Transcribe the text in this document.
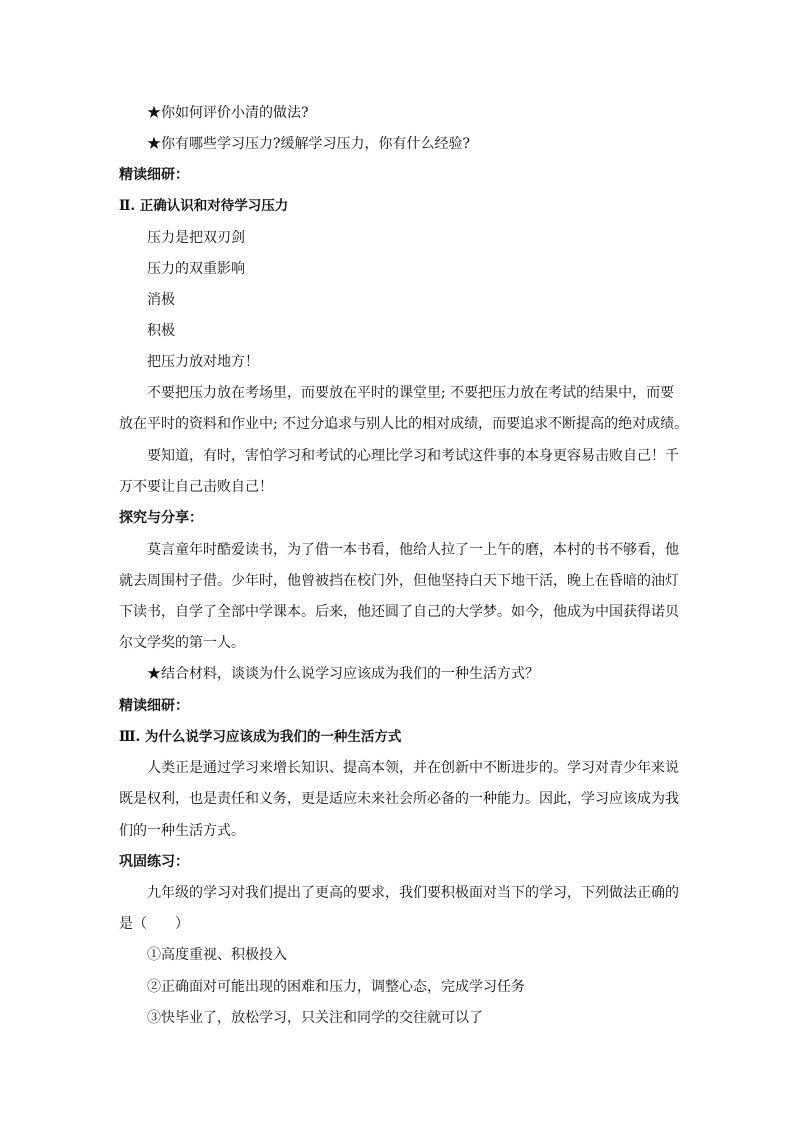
★你如何评价小清的做法?

★你有哪些学习压力?缓解学习压力，你有什么经验?

精读细研：

Ⅱ. 正确认识和对待学习压力

压力是把双刃剑

压力的双重影响

消极

积极

把压力放对地方！

不要把压力放在考场里，而要放在平时的课堂里; 不要把压力放在考试的结果中，而要

放在平时的资料和作业中; 不过分追求与别人比的相对成绩，而要追求不断提高的绝对成绩。

要知道，有时，害怕学习和考试的心理比学习和考试这件事的本身更容易击败自己！千

万不要让自己击败自己！

探究与分享：

莫言童年时酷爱读书，为了借一本书看，他给人拉了一上午的磨，本村的书不够看，他

就去周围村子借。少年时，他曾被挡在校门外，但他坚持白天下地干活，晚上在昏暗的油灯

下读书，自学了全部中学课本。后来，他还圆了自己的大学梦。如今，他成为中国获得诺贝

尔文学奖的第一人。

★结合材料，谈谈为什么说学习应该成为我们的一种生活方式？

精读细研：

Ⅲ. 为什么说学习应该成为我们的一种生活方式

人类正是通过学习来增长知识、提高本领，并在创新中不断进步的。学习对青少年来说

既是权利，也是责任和义务，更是适应未来社会所必备的一种能力。因此，学习应该成为我

们的一种生活方式。

巩固练习：

九年级的学习对我们提出了更高的要求，我们要积极面对当下的学习，下列做法正确的

是（　　）

①高度重视、积极投入

②正确面对可能出现的困难和压力，调整心态，完成学习任务

③快毕业了，放松学习，只关注和同学的交往就可以了
